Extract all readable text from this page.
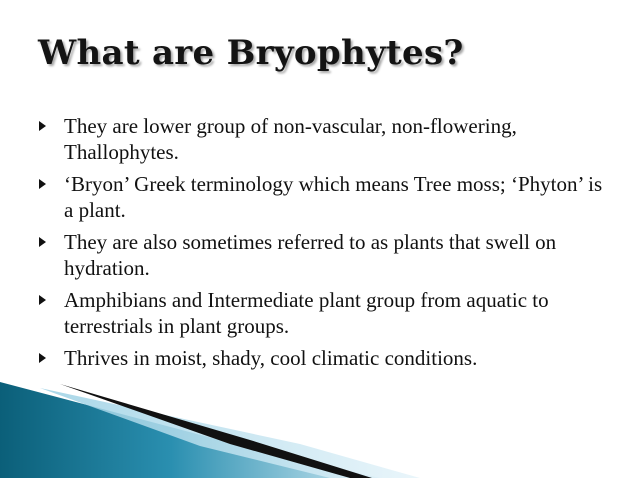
What are Bryophytes?
They are lower group of non-vascular, non-flowering, Thallophytes.
‘Bryon’ Greek terminology which means Tree moss; ‘Phyton’ is a plant.
They are also sometimes referred to as plants that swell on hydration.
Amphibians and Intermediate plant group from aquatic to terrestrials in plant groups.
Thrives in moist, shady, cool climatic conditions.
